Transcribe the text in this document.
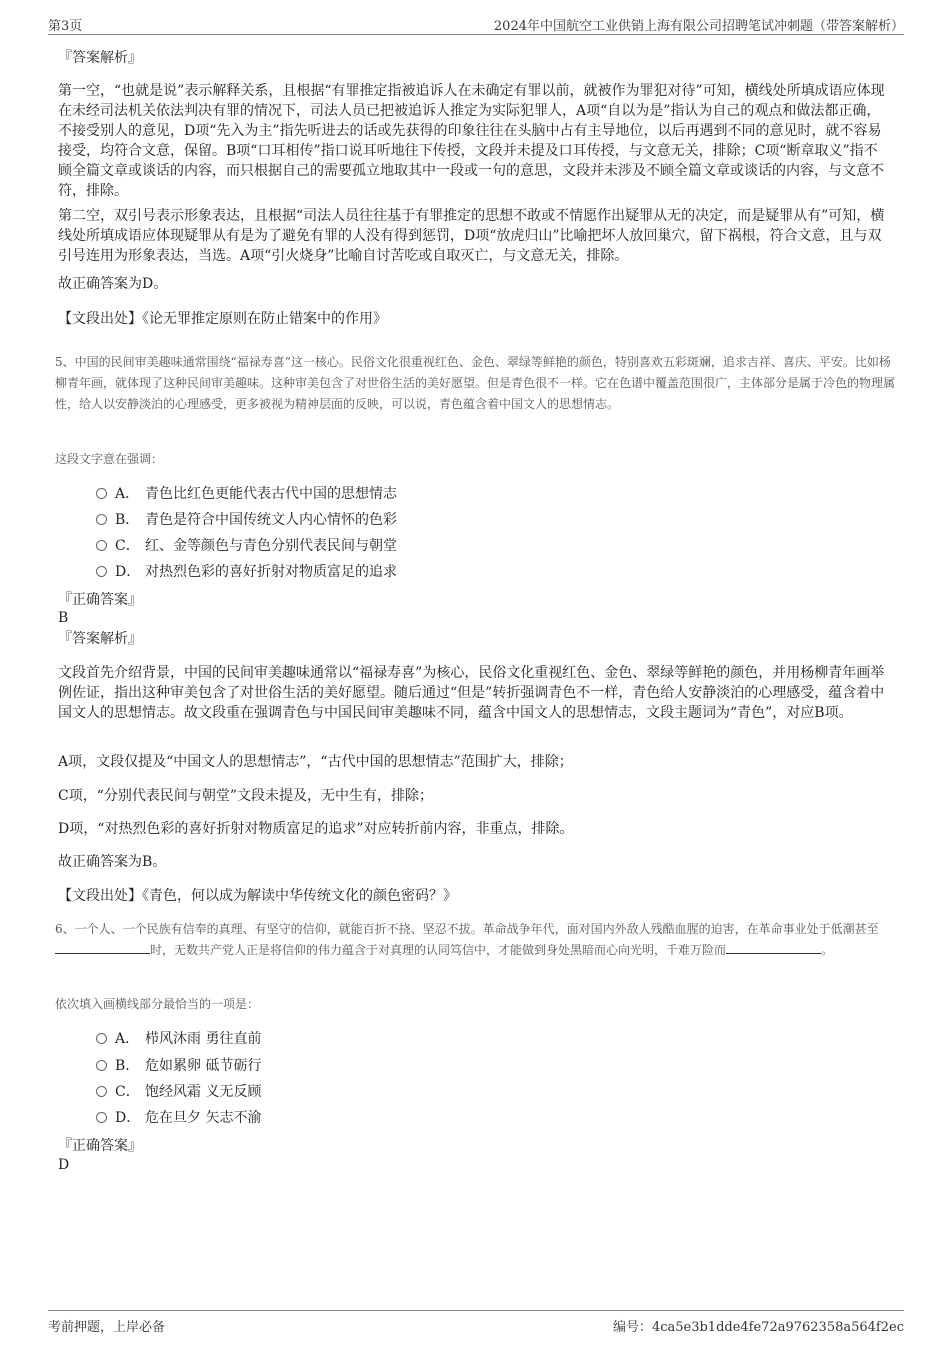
第3页	2024年中国航空工业供销上海有限公司招聘笔试冲刺题（带答案解析）
『答案解析』
第一空，“也就是说”表示解释关系，且根据“有罪推定指被追诉人在未确定有罪以前，就被作为罪犯对待”可知，横线处所填成语应体现在未经司法机关依法判决有罪的情况下，司法人员已把被追诉人推定为实际犯罪人，A项“自以为是”指认为自己的观点和做法都正确，不接受别人的意见，D项“先入为主”指先听进去的话或先获得的印象往往在头脑中占有主导地位，以后再遇到不同的意见时，就不容易接受，均符合文意，保留。B项“口耳相传”指口说耳听地往下传授，文段并未提及口耳传授，与文意无关，排除；C项“断章取义”指不顾全篇文章或谈话的内容，而只根据自己的需要孤立地取其中一段或一句的意思，文段并未涉及不顾全篇文章或谈话的内容，与文意不符，排除。
第二空，双引号表示形象表达，且根据“司法人员往往基于有罪推定的思想不敢或不情愿作出疑罪从无的决定，而是疑罪从有”可知，横线处所填成语应体现疑罪从有是为了避免有罪的人没有得到惩罚，D项“放虎归山”比喻把坏人放回巢穴，留下祸根，符合文意，且与双引号连用为形象表达，当选。A项“引火烧身”比喻自讨苦吃或自取灭亡，与文意无关，排除。
故正确答案为D。
【文段出处】《论无罪推定原则在防止错案中的作用》
5、中国的民间审美趣味通常围绕“福禄寿喜”这一核心。民俗文化很重视红色、金色、翠绿等鲜艳的颜色，特别喜欢五彩斑斓，追求吉祥、喜庆、平安。比如杨柳青年画，就体现了这种民间审美趣味。这种审美包含了对世俗生活的美好愿望。但是青色很不一样。它在色谱中覆盖范围很广，主体部分是属于冷色的物理属性，给人以安静淡泊的心理感受，更多被视为精神层面的反映，可以说，青色蕴含着中国文人的思想情志。
这段文字意在强调：
A． 青色比红色更能代表古代中国的思想情志
B． 青色是符合中国传统文人内心情怀的色彩
C． 红、金等颜色与青色分别代表民间与朝堂
D． 对热烈色彩的喜好折射对物质富足的追求
『正确答案』
B
『答案解析』
文段首先介绍背景，中国的民间审美趣味通常以“福禄寿喜”为核心，民俗文化重视红色、金色、翠绿等鲜艳的颜色，并用杨柳青年画举例佐证，指出这种审美包含了对世俗生活的美好愿望。随后通过“但是”转折强调青色不一样，青色给人安静淡泊的心理感受，蕴含着中国文人的思想情志。故文段重在强调青色与中国民间审美趣味不同，蕴含中国文人的思想情志，文段主题词为“青色”，对应B项。
A项，文段仅提及“中国文人的思想情志”，“古代中国的思想情志”范围扩大，排除；
C项，“分别代表民间与朝堂”文段未提及，无中生有，排除；
D项，“对热烈色彩的喜好折射对物质富足的追求”对应转折前内容，非重点，排除。
故正确答案为B。
【文段出处】《青色，何以成为解读中华传统文化的颜色密码？》
6、一个人、一个民族有信奉的真理、有坚守的信仰，就能百折不挠、坚忍不拔。革命战争年代，面对国内外敌人残酷血腥的迫害，在革命事业处于低潮甚至时，无数共产党人正是将信仰的伟力蕴含于对真理的认同笃信中，才能做到身处黑暗而心向光明，千难万险而	。
依次填入画横线部分最恰当的一项是：
A． 栉风沐雨 勇往直前
B． 危如累卵 砥节砺行
C． 饱经风霜 义无反顾
D． 危在旦夕 矢志不渝
『正确答案』
D
考前押题，上岸必备	编号：4ca5e3b1dde4fe72a9762358a564f2ec
